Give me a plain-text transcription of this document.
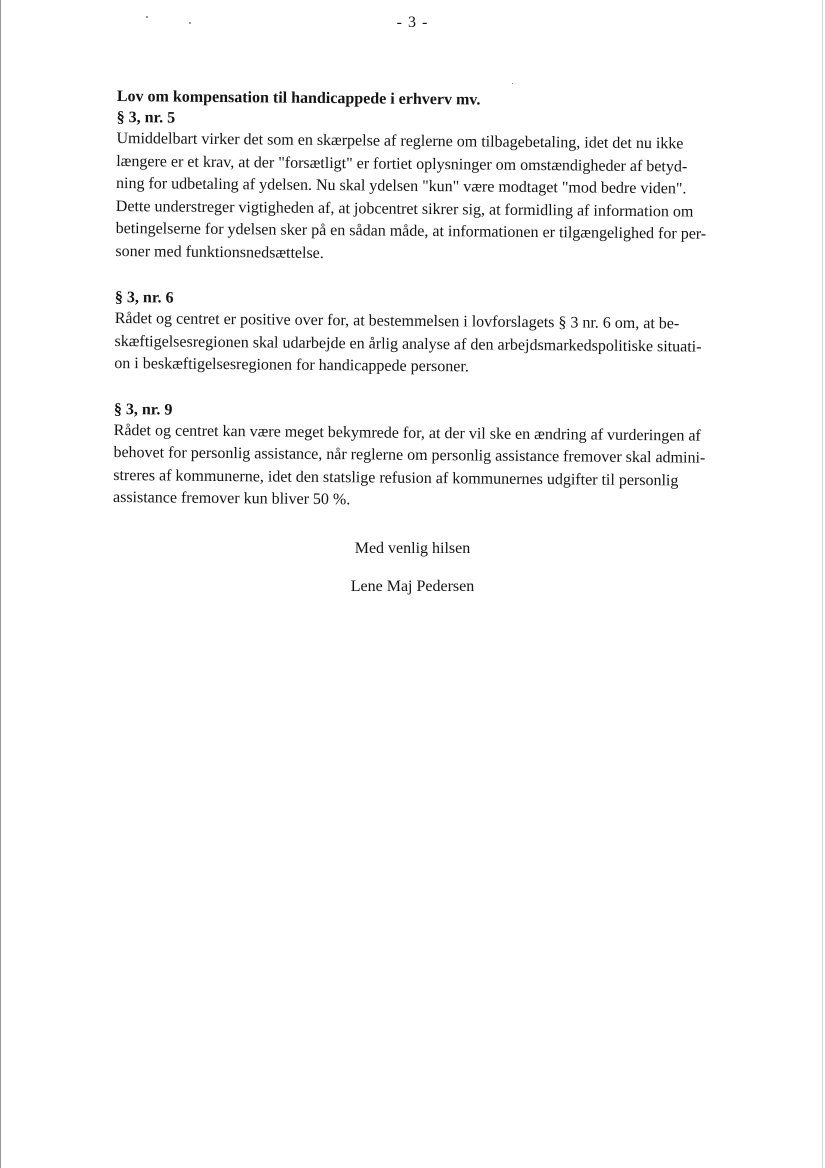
- 3 -
Lov om kompensation til handicappede i erhverv mv.
§ 3, nr. 5
Umiddelbart virker det som en skærpelse af reglerne om tilbagebetaling, idet det nu ikke
længere er et krav, at der "forsætligt" er fortiet oplysninger om omstændigheder af betyd-
ning for udbetaling af ydelsen. Nu skal ydelsen "kun" være modtaget "mod bedre viden".
Dette understreger vigtigheden af, at jobcentret sikrer sig, at formidling af information om
betingelserne for ydelsen sker på en sådan måde, at informationen er tilgængelighed for per-
soner med funktionsnedsættelse.
§ 3, nr. 6
Rådet og centret er positive over for, at bestemmelsen i lovforslagets § 3 nr. 6 om, at be-
skæftigelsesregionen skal udarbejde en årlig analyse af den arbejdsmarkedspolitiske situati-
on i beskæftigelsesregionen for handicappede personer.
§ 3, nr. 9
Rådet og centret kan være meget bekymrede for, at der vil ske en ændring af vurderingen af
behovet for personlig assistance, når reglerne om personlig assistance fremover skal admini-
streres af kommunerne, idet den statslige refusion af kommunernes udgifter til personlig
assistance fremover kun bliver 50 %.
Med venlig hilsen
Lene Maj Pedersen
